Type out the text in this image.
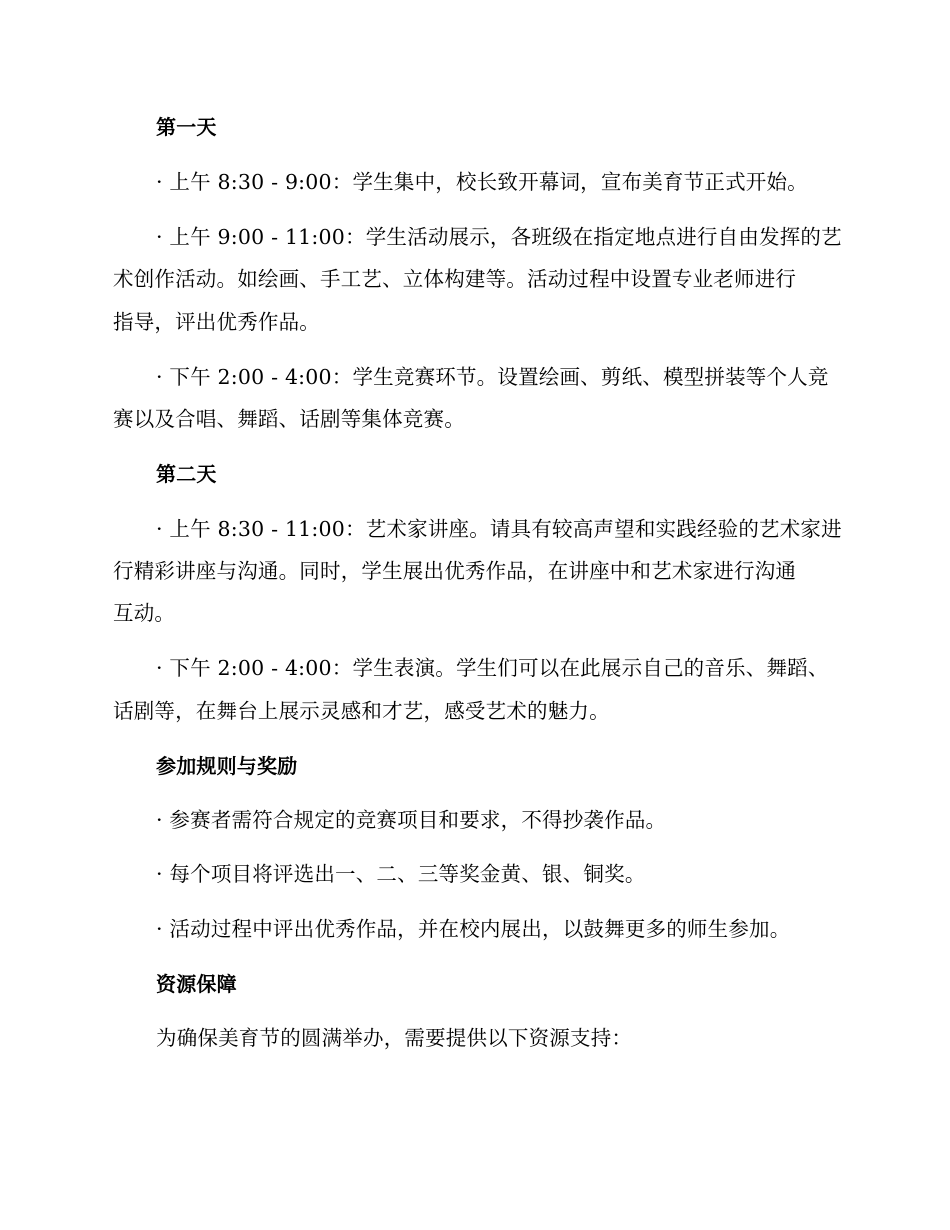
第一天
· 上午 8:30 - 9:00：学生集中，校长致开幕词，宣布美育节正式开始。
· 上午 9:00 - 11:00：学生活动展示，各班级在指定地点进行自由发挥的艺
术创作活动。如绘画、手工艺、立体构建等。活动过程中设置专业老师进行
指导，评出优秀作品。
· 下午 2:00 - 4:00：学生竞赛环节。设置绘画、剪纸、模型拼装等个人竞
赛以及合唱、舞蹈、话剧等集体竞赛。
第二天
· 上午 8:30 - 11:00：艺术家讲座。请具有较高声望和实践经验的艺术家进
行精彩讲座与沟通。同时，学生展出优秀作品，在讲座中和艺术家进行沟通
互动。
· 下午 2:00 - 4:00：学生表演。学生们可以在此展示自己的音乐、舞蹈、
话剧等，在舞台上展示灵感和才艺，感受艺术的魅力。
参加规则与奖励
· 参赛者需符合规定的竞赛项目和要求，不得抄袭作品。
· 每个项目将评选出一、二、三等奖金黄、银、铜奖。
· 活动过程中评出优秀作品，并在校内展出，以鼓舞更多的师生参加。
资源保障
为确保美育节的圆满举办，需要提供以下资源支持：
